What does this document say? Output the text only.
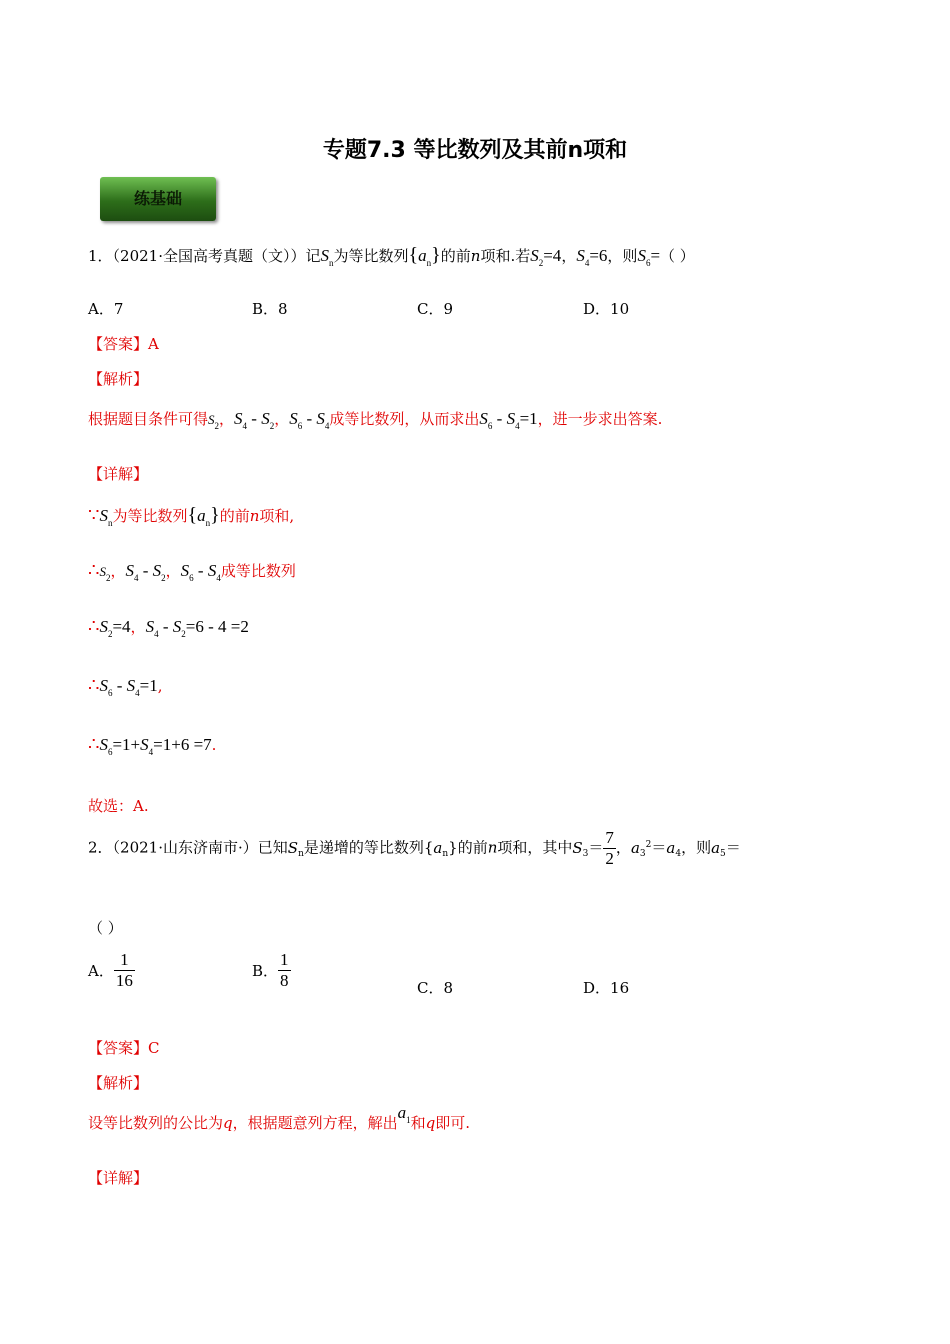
专题7.3 等比数列及其前n项和
练基础
1．（2021·全国高考真题（文））记$S_n$为等比数列$\{a_n\}$的前n项和.若$S_2=4$，$S_4=6$，则$S_6=$（ ）
A．7	B．8	C．9	D．10
【答案】A
【解析】
根据题目条件可得$S_2$，$S_4 - S_2$，$S_6 - S_4$成等比数列，从而求出$S_6 - S_4=1$，进一步求出答案.
【详解】
$\because S_n$为等比数列$\{a_n\}$的前n项和,
$\therefore S_2$，$S_4 - S_2$，$S_6 - S_4$成等比数列
$\therefore S_2=4$，$S_4 - S_2=6 - 4 =2$
$\therefore S_6 - S_4=1$,
$\therefore S_6=1+S_4=1+6 =7$.
故选：A.
2．（2021·山东济南市·）已知$S_n$是递增的等比数列$\{a_n\}$的前n项和，其中$S_3= \frac{7}{2}$ ，$a_3^2=a_4$，则$a_5=$
（ ）
A． $\frac{1}{16}$	B． $\frac{1}{8}$	C．8	D．16
【答案】C
【解析】
设等比数列的公比为q，根据题意列方程，解出$a_1$和q即可.
【详解】
